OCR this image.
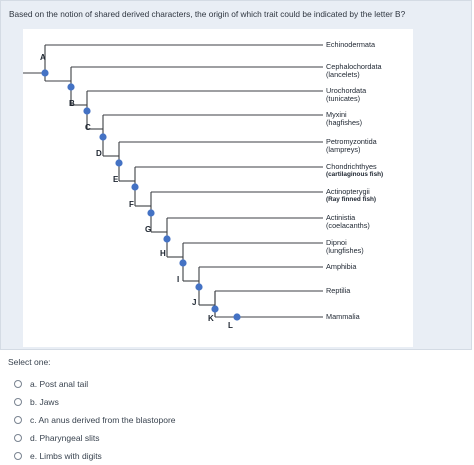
Based on the notion of shared derived characters, the origin of which trait could be indicated by the letter B?
Echinodermata
Cephalochordata
(lancelets)
Urochordata
(tunicates)
Myxini
(hagfishes)
Petromyzontida
(lampreys)
Chondrichthyes
(cartilaginous fish)
Actinopterygii
(Ray finned fish)
Actinistia
(coelacanths)
Dipnoi
(lungfishes)
Amphibia
Reptilia
Mammalia
A
B
C
D
E
F
G
H
I
J
K
L
Select one:
a. Post anal tail
b. Jaws
c. An anus derived from the blastopore
d. Pharyngeal slits
e. Limbs with digits
